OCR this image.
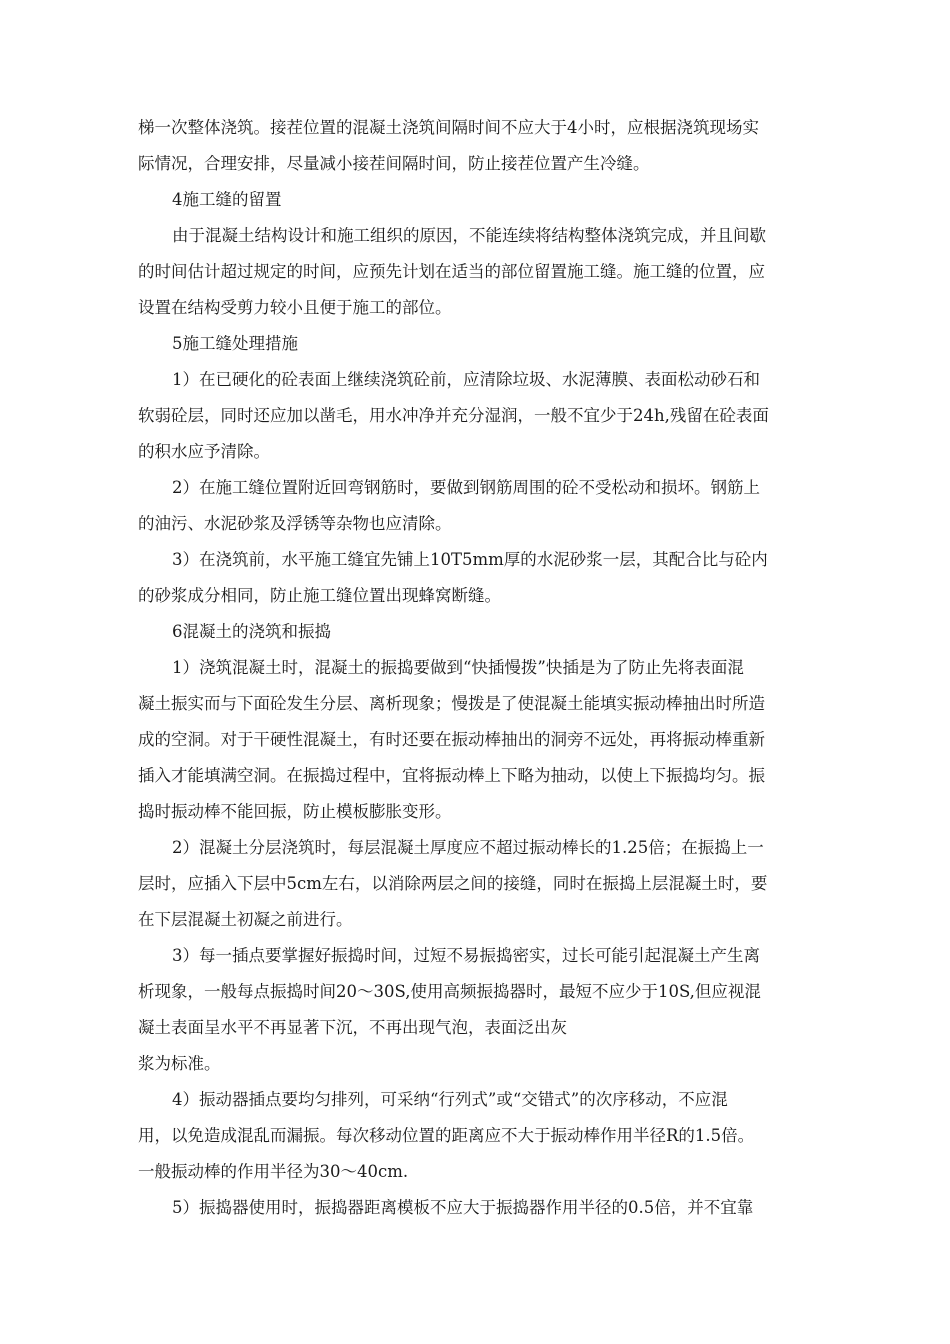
梯一次整体浇筑。接茬位置的混凝土浇筑间隔时间不应大于4小时，应根据浇筑现场实
际情况，合理安排，尽量减小接茬间隔时间，防止接茬位置产生冷缝。

4施工缝的留置

由于混凝土结构设计和施工组织的原因，不能连续将结构整体浇筑完成，并且间歇
的时间估计超过规定的时间，应预先计划在适当的部位留置施工缝。施工缝的位置，应
设置在结构受剪力较小且便于施工的部位。

5施工缝处理措施

1）在已硬化的砼表面上继续浇筑砼前，应清除垃圾、水泥薄膜、表面松动砂石和
软弱砼层，同时还应加以凿毛，用水冲净并充分湿润，一般不宜少于24h,残留在砼表面
的积水应予清除。

2）在施工缝位置附近回弯钢筋时，要做到钢筋周围的砼不受松动和损坏。钢筋上
的油污、水泥砂浆及浮锈等杂物也应清除。

3）在浇筑前，水平施工缝宜先铺上10T5mm厚的水泥砂浆一层，其配合比与砼内
的砂浆成分相同，防止施工缝位置出现蜂窝断缝。

6混凝土的浇筑和振捣

1）浇筑混凝土时，混凝土的振捣要做到“快插慢拨”快插是为了防止先将表面混
凝土振实而与下面砼发生分层、离析现象；慢拨是了使混凝土能填实振动棒抽出时所造
成的空洞。对于干硬性混凝土，有时还要在振动棒抽出的洞旁不远处，再将振动棒重新
插入才能填满空洞。在振捣过程中，宜将振动棒上下略为抽动，以使上下振捣均匀。振
捣时振动棒不能回振，防止模板膨胀变形。

2）混凝土分层浇筑时，每层混凝土厚度应不超过振动棒长的1.25倍；在振捣上一
层时，应插入下层中5cm左右，以消除两层之间的接缝，同时在振捣上层混凝土时，要
在下层混凝土初凝之前进行。

3）每一插点要掌握好振捣时间，过短不易振捣密实，过长可能引起混凝土产生离
析现象，一般每点振捣时间20〜30S,使用高频振捣器时，最短不应少于10S,但应视混
凝土表面呈水平不再显著下沉，不再出现气泡，表面泛出灰
浆为标准。

4）振动器插点要均匀排列，可采纳“行列式”或“交错式”的次序移动，不应混
用，以免造成混乱而漏振。每次移动位置的距离应不大于振动棒作用半径R的1.5倍。
一般振动棒的作用半径为30〜40cm.

5）振捣器使用时，振捣器距离模板不应大于振捣器作用半径的0.5倍，并不宜靠
